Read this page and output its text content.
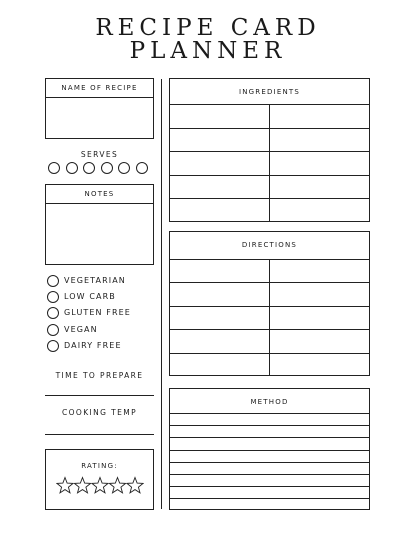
RECIPE CARD
PLANNER
NAME OF RECIPE
SERVES
NOTES
VEGETARIAN
LOW CARB
GLUTEN FREE
VEGAN
DAIRY FREE
TIME TO PREPARE
COOKING TEMP
RATING:
INGREDIENTS
DIRECTIONS
METHOD
